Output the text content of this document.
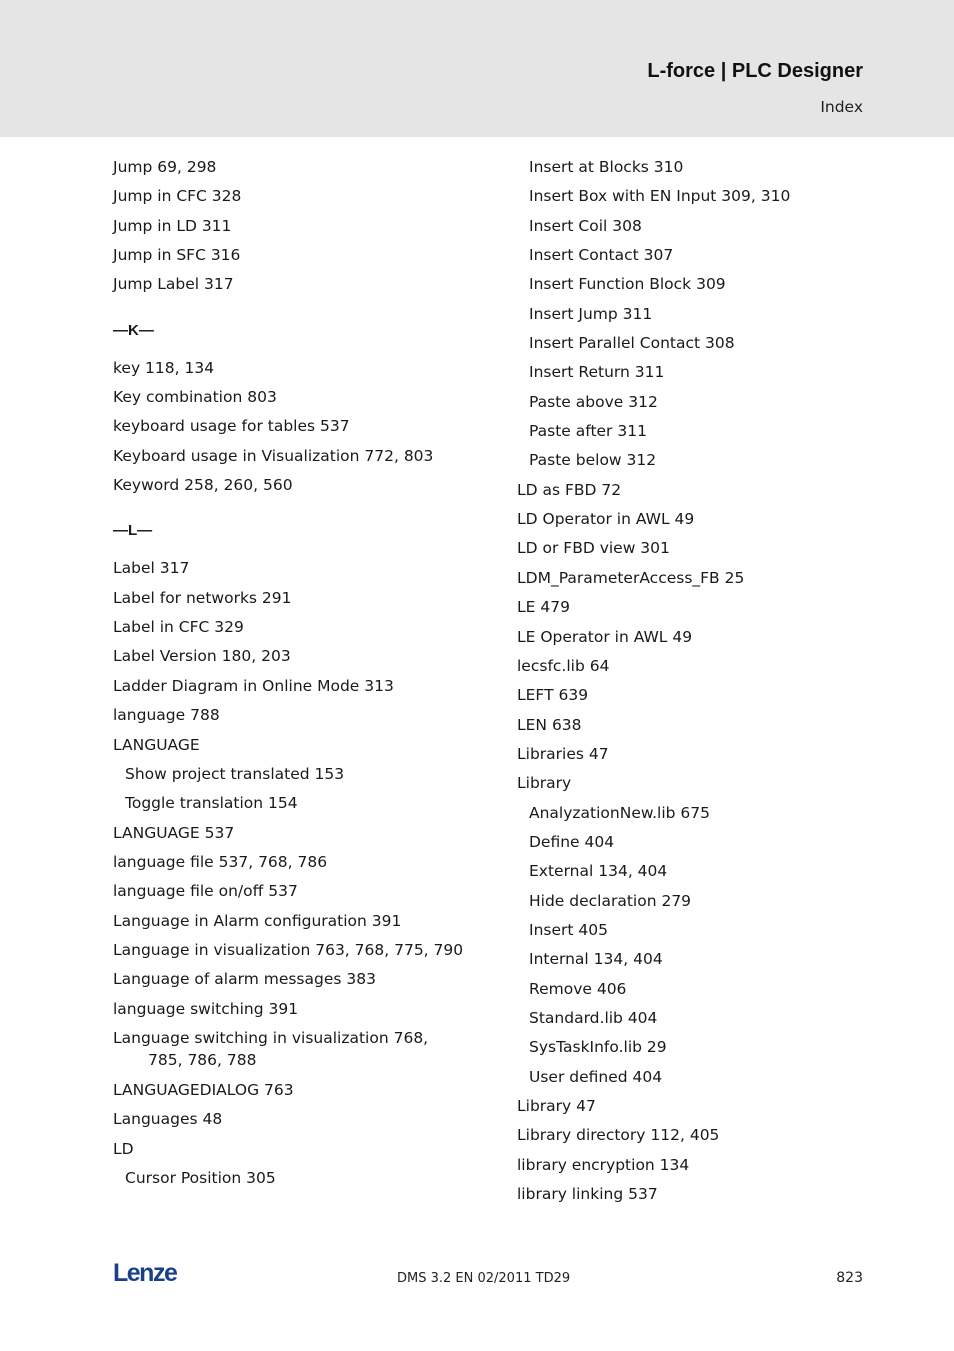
L-force | PLC Designer
Index
Jump 69, 298
Jump in CFC 328
Jump in LD 311
Jump in SFC 316
Jump Label 317
—K—
key 118, 134
Key combination 803
keyboard usage for tables 537
Keyboard usage in Visualization 772, 803
Keyword 258, 260, 560
—L—
Label 317
Label for networks 291
Label in CFC 329
Label Version 180, 203
Ladder Diagram in Online Mode 313
language 788
LANGUAGE
Show project translated 153
Toggle translation 154
LANGUAGE 537
language file 537, 768, 786
language file on/off 537
Language in Alarm configuration 391
Language in visualization 763, 768, 775, 790
Language of alarm messages 383
language switching 391
Language switching in visualization 768,
785, 786, 788
LANGUAGEDIALOG 763
Languages 48
LD
Cursor Position 305
Insert at Blocks 310
Insert Box with EN Input 309, 310
Insert Coil 308
Insert Contact 307
Insert Function Block 309
Insert Jump 311
Insert Parallel Contact 308
Insert Return 311
Paste above 312
Paste after 311
Paste below 312
LD as FBD 72
LD Operator in AWL 49
LD or FBD view 301
LDM_ParameterAccess_FB 25
LE 479
LE Operator in AWL 49
lecsfc.lib 64
LEFT 639
LEN 638
Libraries 47
Library
AnalyzationNew.lib 675
Define 404
External 134, 404
Hide declaration 279
Insert 405
Internal 134, 404
Remove 406
Standard.lib 404
SysTaskInfo.lib 29
User defined 404
Library 47
Library directory 112, 405
library encryption 134
library linking 537
Lenze	DMS 3.2 EN 02/2011 TD29	823
